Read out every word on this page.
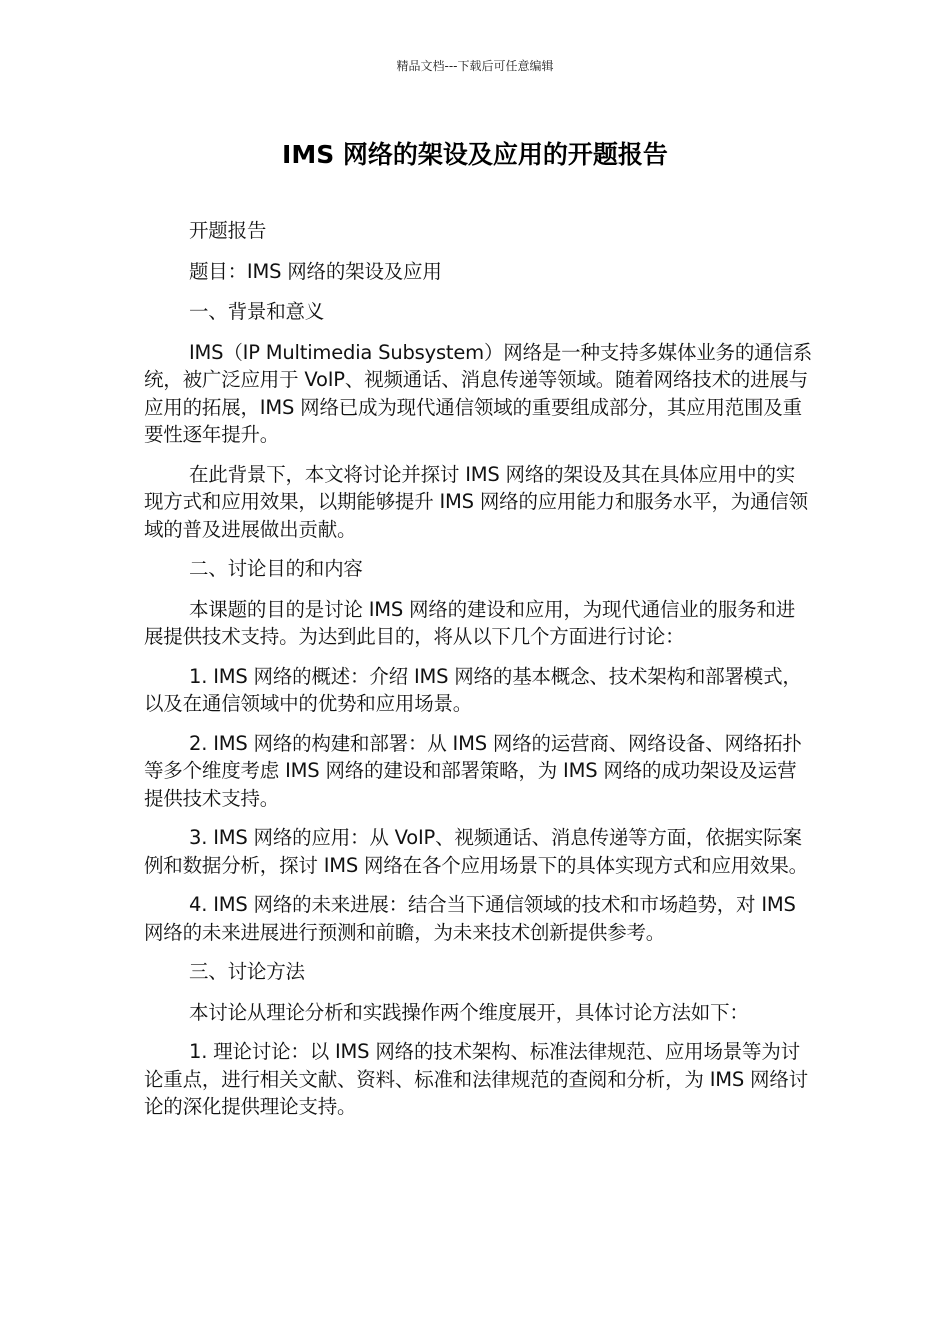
精品文档---下载后可任意编辑
IMS 网络的架设及应用的开题报告

开题报告

题目：IMS 网络的架设及应用

一、背景和意义

IMS（IP Multimedia Subsystem）网络是一种支持多媒体业务的通信系统，被广泛应用于 VoIP、视频通话、消息传递等领域。随着网络技术的进展与应用的拓展，IMS 网络已成为现代通信领域的重要组成部分，其应用范围及重要性逐年提升。

在此背景下，本文将讨论并探讨 IMS 网络的架设及其在具体应用中的实现方式和应用效果，以期能够提升 IMS 网络的应用能力和服务水平，为通信领域的普及进展做出贡献。

二、讨论目的和内容

本课题的目的是讨论 IMS 网络的建设和应用，为现代通信业的服务和进展提供技术支持。为达到此目的，将从以下几个方面进行讨论：

1. IMS 网络的概述：介绍 IMS 网络的基本概念、技术架构和部署模式，以及在通信领域中的优势和应用场景。

2. IMS 网络的构建和部署：从 IMS 网络的运营商、网络设备、网络拓扑等多个维度考虑 IMS 网络的建设和部署策略，为 IMS 网络的成功架设及运营提供技术支持。

3. IMS 网络的应用：从 VoIP、视频通话、消息传递等方面，依据实际案例和数据分析，探讨 IMS 网络在各个应用场景下的具体实现方式和应用效果。

4. IMS 网络的未来进展：结合当下通信领域的技术和市场趋势，对 IMS 网络的未来进展进行预测和前瞻，为未来技术创新提供参考。

三、讨论方法

本讨论从理论分析和实践操作两个维度展开，具体讨论方法如下：

1. 理论讨论：以 IMS 网络的技术架构、标准法律规范、应用场景等为讨论重点，进行相关文献、资料、标准和法律规范的查阅和分析，为 IMS 网络讨论的深化提供理论支持。
